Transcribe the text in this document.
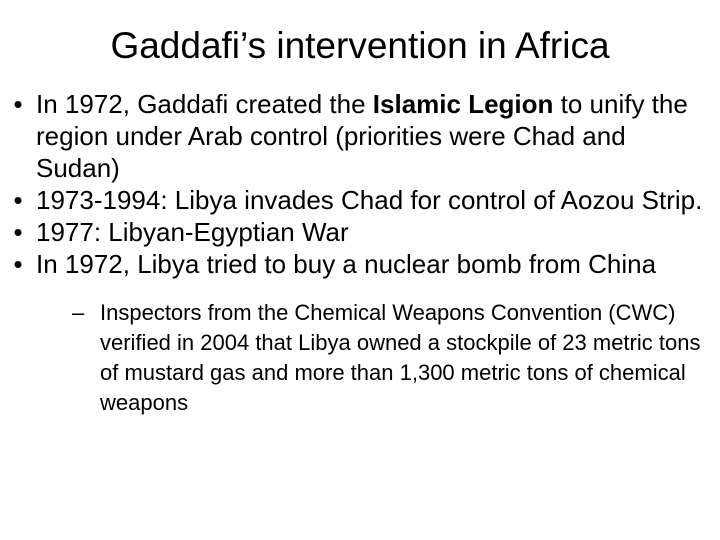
Gaddafi’s intervention in Africa
• In 1972, Gaddafi created the Islamic Legion to unify the region under Arab control (priorities were Chad and Sudan)
• 1973-1994: Libya invades Chad for control of Aozou Strip.
• 1977: Libyan-Egyptian War
• In 1972, Libya tried to buy a nuclear bomb from China
– Inspectors from the Chemical Weapons Convention (CWC) verified in 2004 that Libya owned a stockpile of 23 metric tons of mustard gas and more than 1,300 metric tons of chemical weapons
